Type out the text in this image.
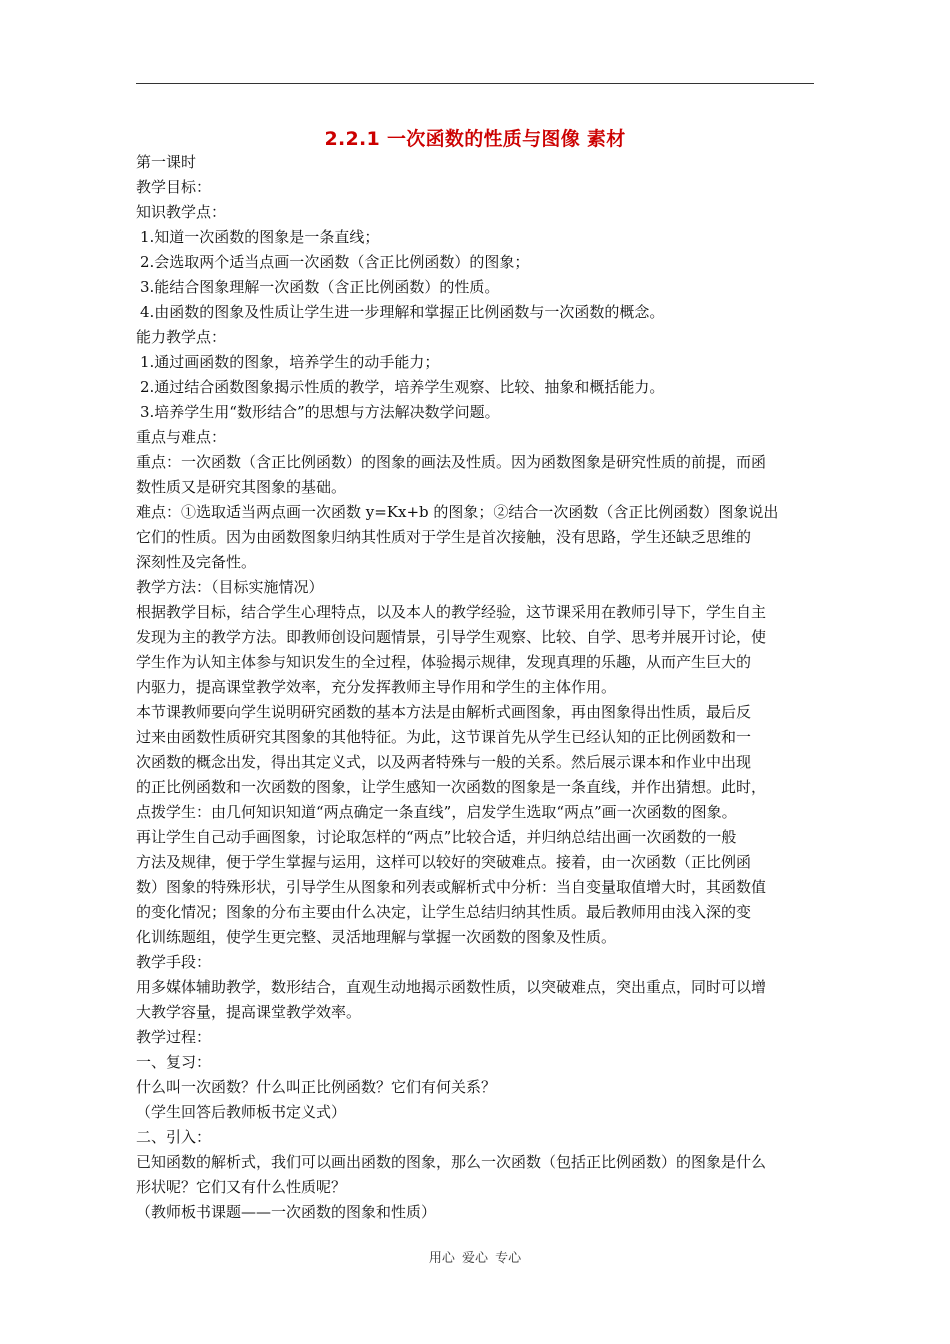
2.2.1 一次函数的性质与图像 素材
第一课时
教学目标：
知识教学点：
1.知道一次函数的图象是一条直线；
2.会选取两个适当点画一次函数（含正比例函数）的图象；
3.能结合图象理解一次函数（含正比例函数）的性质。
4.由函数的图象及性质让学生进一步理解和掌握正比例函数与一次函数的概念。
能力教学点：
1.通过画函数的图象，培养学生的动手能力；
2.通过结合函数图象揭示性质的教学，培养学生观察、比较、抽象和概括能力。
3.培养学生用“数形结合”的思想与方法解决数学问题。
重点与难点：
重点：一次函数（含正比例函数）的图象的画法及性质。因为函数图象是研究性质的前提，而函
数性质又是研究其图象的基础。
难点：①选取适当两点画一次函数 y=Kx+b 的图象；②结合一次函数（含正比例函数）图象说出
它们的性质。因为由函数图象归纳其性质对于学生是首次接触，没有思路，学生还缺乏思维的
深刻性及完备性。
教学方法：（目标实施情况）
根据教学目标，结合学生心理特点，以及本人的教学经验，这节课采用在教师引导下，学生自主
发现为主的教学方法。即教师创设问题情景，引导学生观察、比较、自学、思考并展开讨论，使
学生作为认知主体参与知识发生的全过程，体验揭示规律，发现真理的乐趣，从而产生巨大的
内驱力，提高课堂教学效率，充分发挥教师主导作用和学生的主体作用。
本节课教师要向学生说明研究函数的基本方法是由解析式画图象，再由图象得出性质，最后反
过来由函数性质研究其图象的其他特征。为此，这节课首先从学生已经认知的正比例函数和一
次函数的概念出发，得出其定义式，以及两者特殊与一般的关系。然后展示课本和作业中出现
的正比例函数和一次函数的图象，让学生感知一次函数的图象是一条直线，并作出猜想。此时，
点拨学生：由几何知识知道“两点确定一条直线”，启发学生选取“两点”画一次函数的图象。
再让学生自己动手画图象，讨论取怎样的“两点”比较合适，并归纳总结出画一次函数的一般
方法及规律，便于学生掌握与运用，这样可以较好的突破难点。接着，由一次函数（正比例函
数）图象的特殊形状，引导学生从图象和列表或解析式中分析：当自变量取值增大时，其函数值
的变化情况；图象的分布主要由什么决定，让学生总结归纳其性质。最后教师用由浅入深的变
化训练题组，使学生更完整、灵活地理解与掌握一次函数的图象及性质。
教学手段：
用多媒体辅助教学，数形结合，直观生动地揭示函数性质，以突破难点，突出重点，同时可以增
大教学容量，提高课堂教学效率。
教学过程：
一、复习：
什么叫一次函数？什么叫正比例函数？它们有何关系？
（学生回答后教师板书定义式）
二、引入：
已知函数的解析式，我们可以画出函数的图象，那么一次函数（包括正比例函数）的图象是什么
形状呢？它们又有什么性质呢？
（教师板书课题——一次函数的图象和性质）
用心 爱心 专心
